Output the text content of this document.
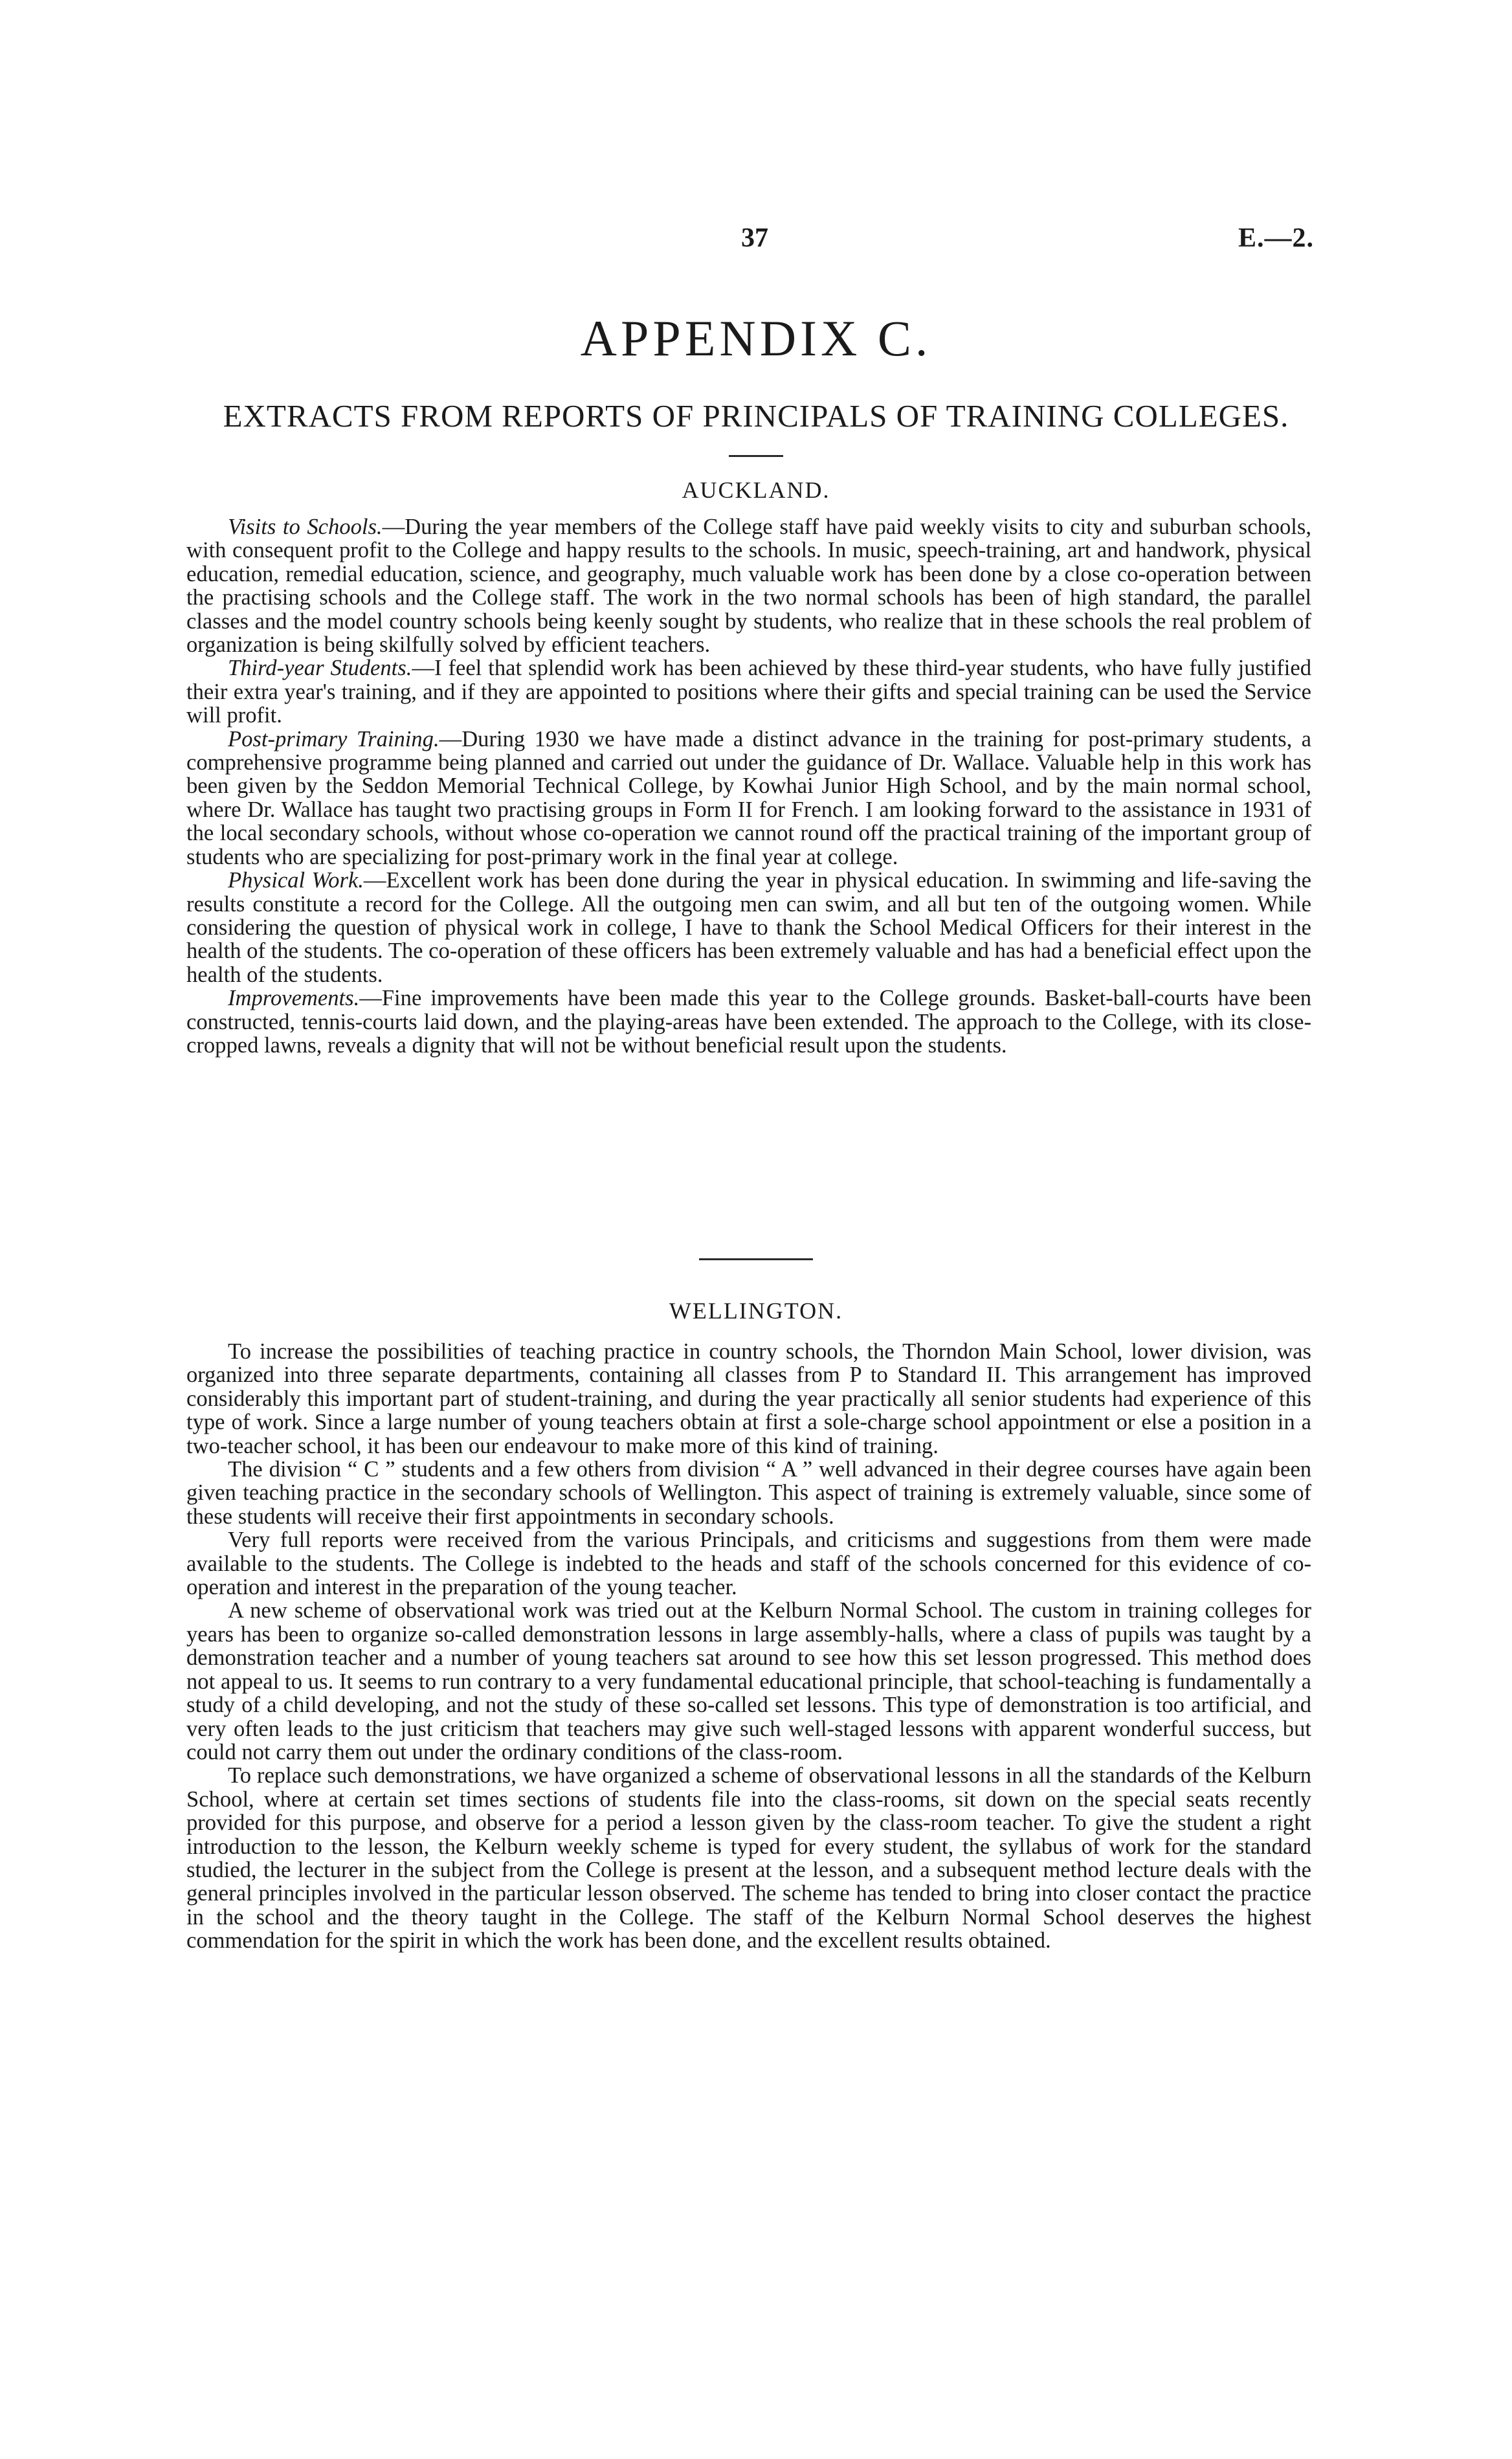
37	E.—2.
APPENDIX C.
EXTRACTS FROM REPORTS OF PRINCIPALS OF TRAINING COLLEGES.
AUCKLAND.

Visits to Schools.—During the year members of the College staff have paid weekly visits to city and suburban schools, with consequent profit to the College and happy results to the schools. In music, speech-training, art and handwork, physical education, remedial education, science, and geography, much valuable work has been done by a close co-operation between the practising schools and the College staff. The work in the two normal schools has been of high standard, the parallel classes and the model country schools being keenly sought by students, who realize that in these schools the real problem of organization is being skilfully solved by efficient teachers.

Third-year Students.—I feel that splendid work has been achieved by these third-year students, who have fully justified their extra year's training, and if they are appointed to positions where their gifts and special training can be used the Service will profit.

Post-primary Training.—During 1930 we have made a distinct advance in the training for post-primary students, a comprehensive programme being planned and carried out under the guidance of Dr. Wallace. Valuable help in this work has been given by the Seddon Memorial Technical College, by Kowhai Junior High School, and by the main normal school, where Dr. Wallace has taught two practising groups in Form II for French. I am looking forward to the assistance in 1931 of the local secondary schools, without whose co-operation we cannot round off the practical training of the important group of students who are specializing for post-primary work in the final year at college.

Physical Work.—Excellent work has been done during the year in physical education. In swimming and life-saving the results constitute a record for the College. All the outgoing men can swim, and all but ten of the outgoing women. While considering the question of physical work in college, I have to thank the School Medical Officers for their interest in the health of the students. The co-operation of these officers has been extremely valuable and has had a beneficial effect upon the health of the students.

Improvements.—Fine improvements have been made this year to the College grounds. Basket-ball-courts have been constructed, tennis-courts laid down, and the playing-areas have been extended. The approach to the College, with its close-cropped lawns, reveals a dignity that will not be without beneficial result upon the students.

WELLINGTON.

To increase the possibilities of teaching practice in country schools, the Thorndon Main School, lower division, was organized into three separate departments, containing all classes from P to Standard II. This arrangement has improved considerably this important part of student-training, and during the year practically all senior students had experience of this type of work. Since a large number of young teachers obtain at first a sole-charge school appointment or else a position in a two-teacher school, it has been our endeavour to make more of this kind of training.

The division “ C ” students and a few others from division “ A ” well advanced in their degree courses have again been given teaching practice in the secondary schools of Wellington. This aspect of training is extremely valuable, since some of these students will receive their first appointments in secondary schools.

Very full reports were received from the various Principals, and criticisms and suggestions from them were made available to the students. The College is indebted to the heads and staff of the schools concerned for this evidence of co-operation and interest in the preparation of the young teacher.

A new scheme of observational work was tried out at the Kelburn Normal School. The custom in training colleges for years has been to organize so-called demonstration lessons in large assembly-halls, where a class of pupils was taught by a demonstration teacher and a number of young teachers sat around to see how this set lesson progressed. This method does not appeal to us. It seems to run contrary to a very fundamental educational principle, that school-teaching is fundamentally a study of a child developing, and not the study of these so-called set lessons. This type of demonstration is too artificial, and very often leads to the just criticism that teachers may give such well-staged lessons with apparent wonderful success, but could not carry them out under the ordinary conditions of the class-room.

To replace such demonstrations, we have organized a scheme of observational lessons in all the standards of the Kelburn School, where at certain set times sections of students file into the class-rooms, sit down on the special seats recently provided for this purpose, and observe for a period a lesson given by the class-room teacher. To give the student a right introduction to the lesson, the Kelburn weekly scheme is typed for every student, the syllabus of work for the standard studied, the lecturer in the subject from the College is present at the lesson, and a subsequent method lecture deals with the general principles involved in the particular lesson observed. The scheme has tended to bring into closer contact the practice in the school and the theory taught in the College. The staff of the Kelburn Normal School deserves the highest commendation for the spirit in which the work has been done, and the excellent results obtained.
